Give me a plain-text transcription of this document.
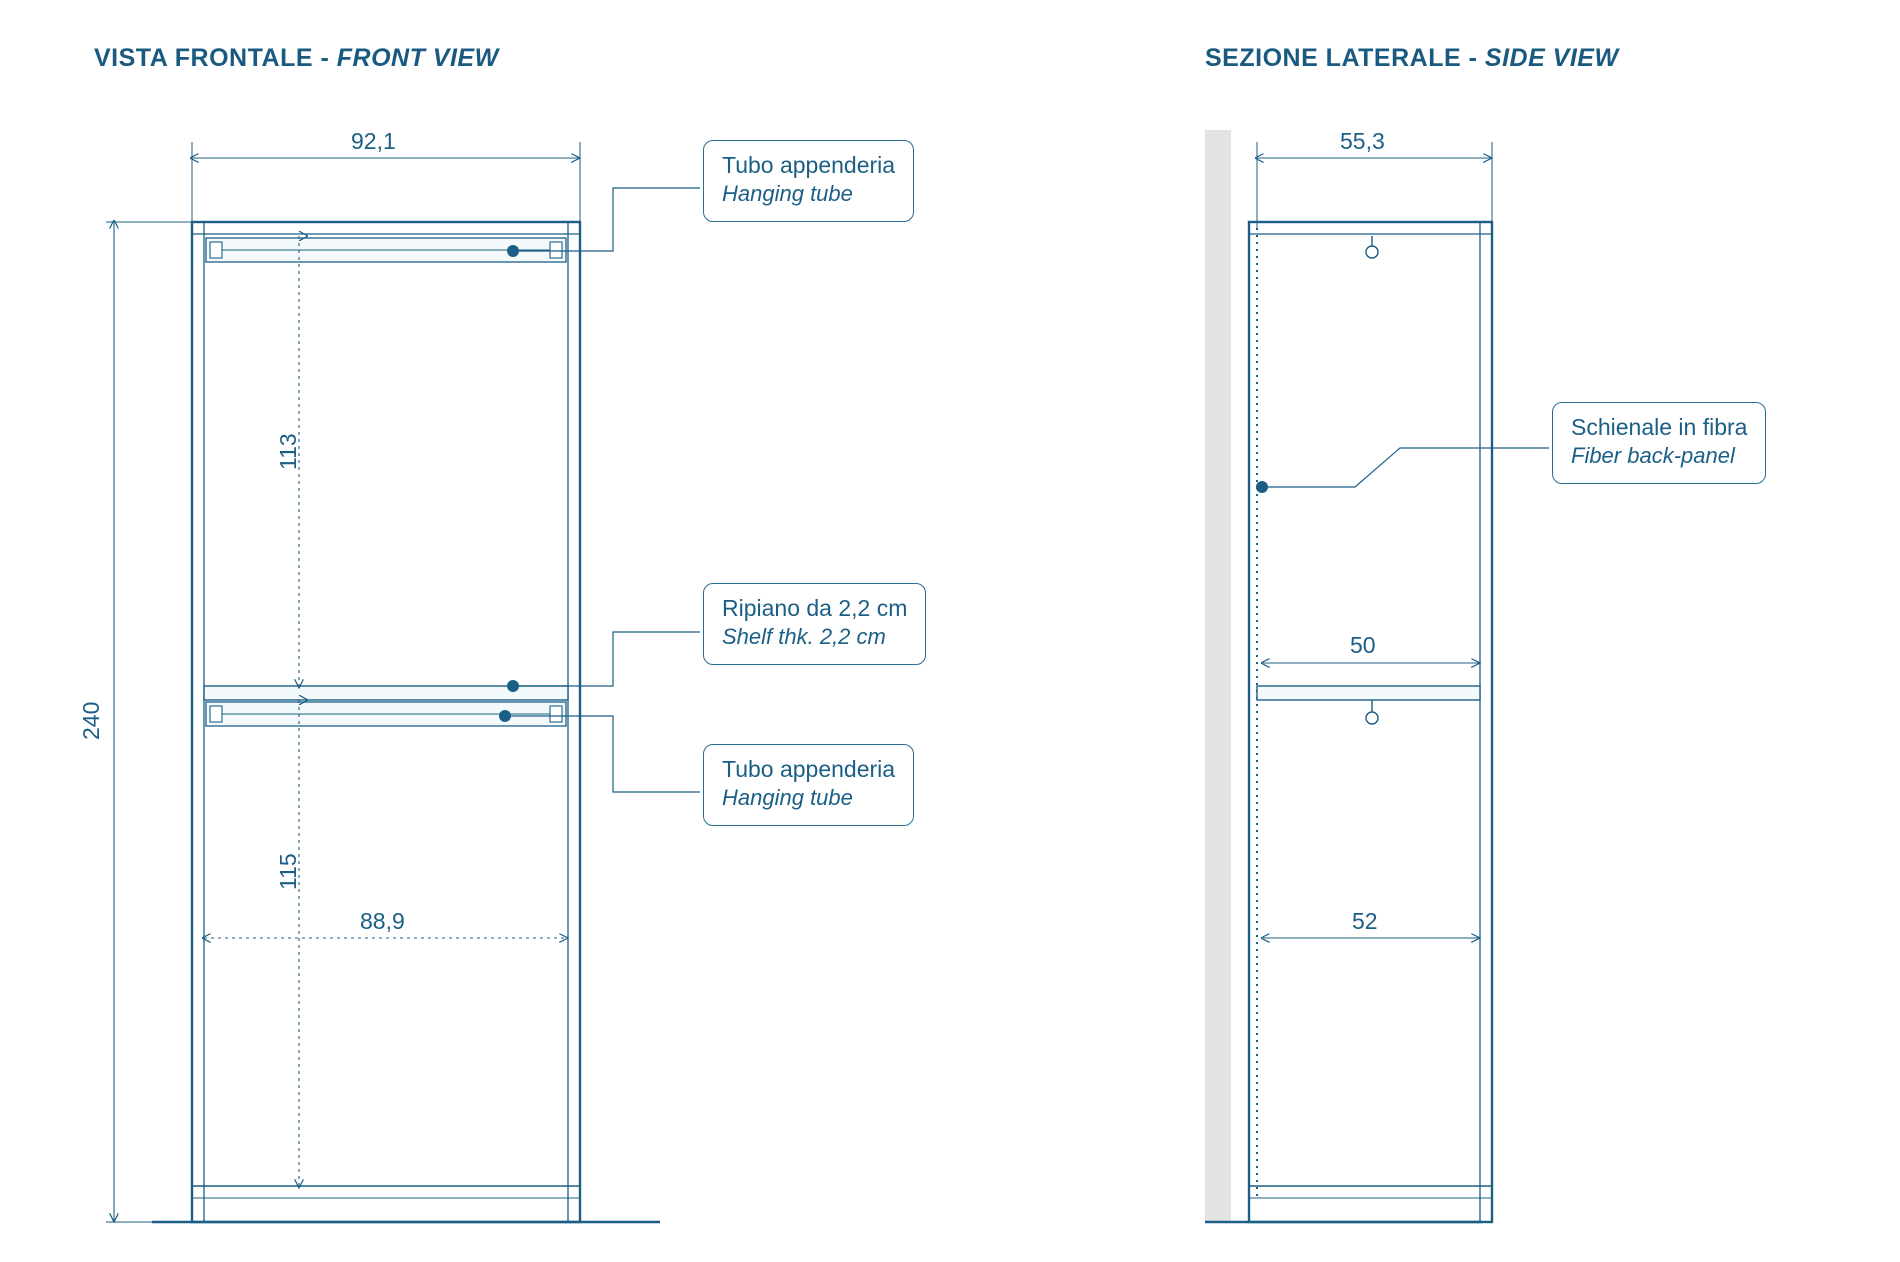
VISTA FRONTALE - FRONT VIEW	SEZIONE LATERALE - SIDE VIEW
92,1
240
113
115
88,9
55,3
50
52
Tubo appenderia
Hanging tube
Ripiano da 2,2 cm
Shelf thk. 2,2 cm
Tubo appenderia
Hanging tube
Schienale in fibra
Fiber back-panel
